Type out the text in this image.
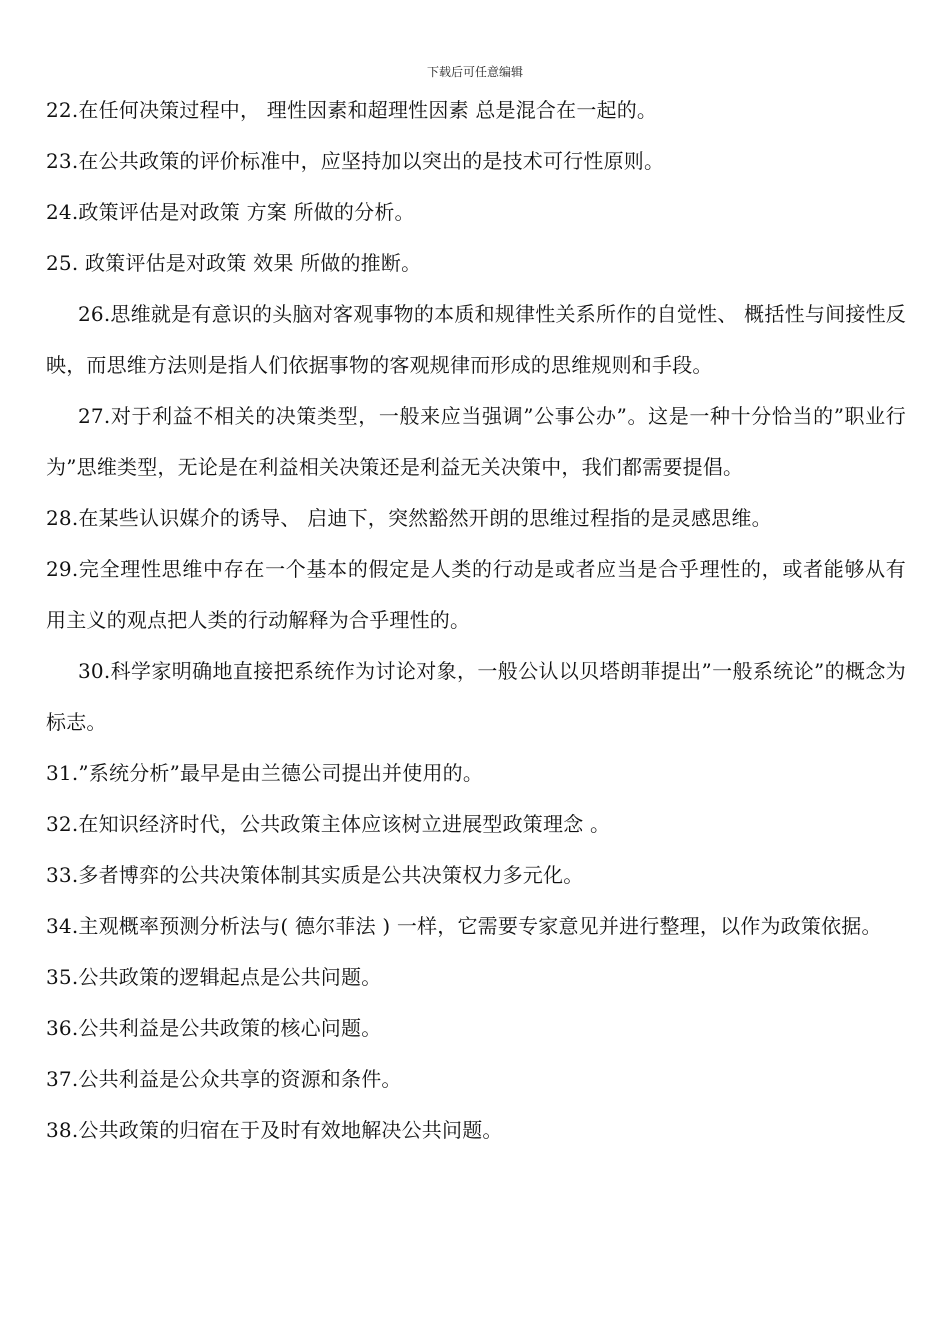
下载后可任意编辑

22.在任何决策过程中， 理性因素和超理性因素 总是混合在一起的。

23.在公共政策的评价标准中，应坚持加以突出的是技术可行性原则。

24.政策评估是对政策 方案 所做的分析。

25. 政策评估是对政策 效果 所做的推断。

26.思维就是有意识的头脑对客观事物的本质和规律性关系所作的自觉性、 概括性与间接性反映，而思维方法则是指人们依据事物的客观规律而形成的思维规则和手段。

27.对于利益不相关的决策类型，一般来应当强调”公事公办”。这是一种十分恰当的”职业行为”思维类型，无论是在利益相关决策还是利益无关决策中，我们都需要提倡。

28.在某些认识媒介的诱导、 启迪下，突然豁然开朗的思维过程指的是灵感思维。

29.完全理性思维中存在一个基本的假定是人类的行动是或者应当是合乎理性的，或者能够从有用主义的观点把人类的行动解释为合乎理性的。

30.科学家明确地直接把系统作为讨论对象，一般公认以贝塔朗菲提出”一般系统论”的概念为标志。

31.”系统分析”最早是由兰德公司提出并使用的。

32.在知识经济时代，公共政策主体应该树立进展型政策理念 。

33.多者博弈的公共决策体制其实质是公共决策权力多元化。

34.主观概率预测分析法与( 德尔菲法 ) 一样，它需要专家意见并进行整理，以作为政策依据。

35.公共政策的逻辑起点是公共问题。

36.公共利益是公共政策的核心问题。

37.公共利益是公众共享的资源和条件。

38.公共政策的归宿在于及时有效地解决公共问题。
